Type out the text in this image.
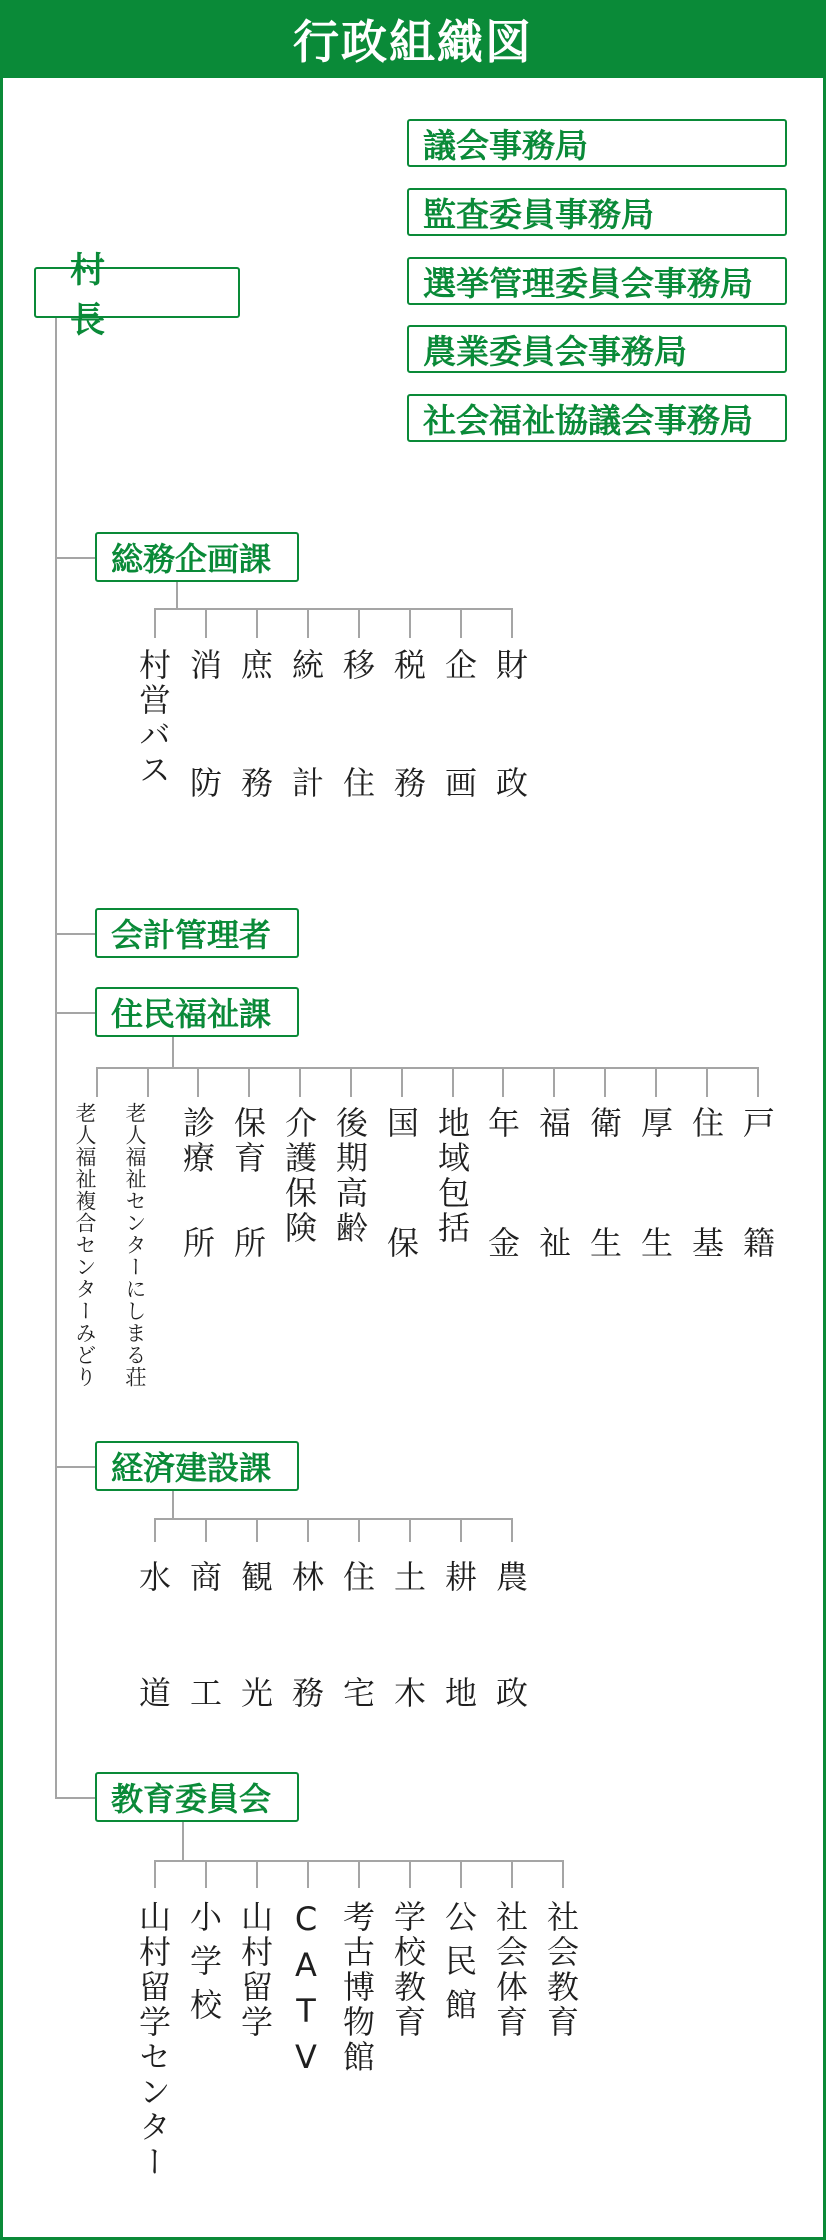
行政組織図
議会事務局
監査委員事務局
選挙管理委員会事務局
農業委員会事務局
社会福祉協議会事務局
村　長
総務企画課
会計管理者
住民福祉課
経済建設課
教育委員会
村営バス 消
防
庶
務
統
計
移
住
税
務
企
画
財
政
老人福祉複合センターみどり 老人福祉センターにしまる荘 診療
所
保育
所 介護保険 後期高齢 国
保 地域包括 年
金
福
祉
衛
生
厚
生
住
基
戸
籍
水
道
商
工
観
光
林
務
住
宅
土
木
耕
地
農
政
山村留学センター 小学校 山村留学 CATV 考古博物館 学校教育 公民館 社会体育 社会教育
